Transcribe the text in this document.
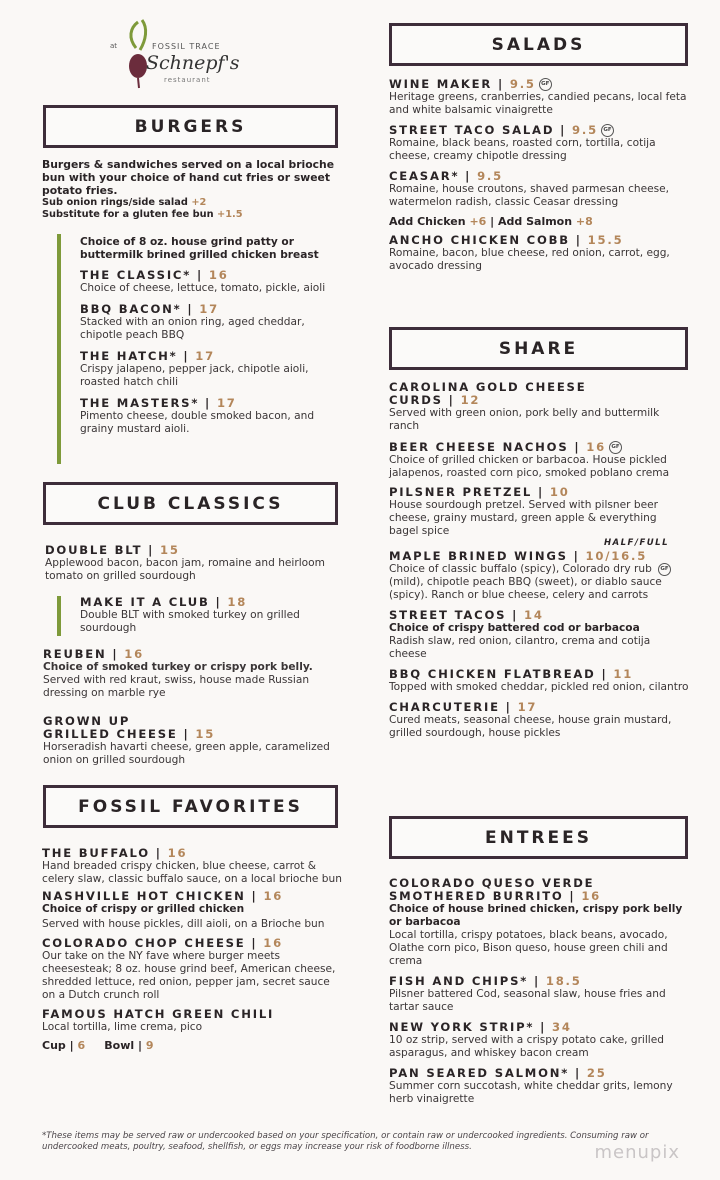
at	FOSSIL TRACE
Schnepf's
restaurant
BURGERS
Burgers & sandwiches served on a local brioche bun with your choice of hand cut fries or sweet potato fries.
Sub onion rings/side salad +2
Substitute for a gluten fee bun +1.5
Choice of 8 oz. house grind patty or buttermilk brined grilled chicken breast
THE CLASSIC* | 16
Choice of cheese, lettuce, tomato, pickle, aioli
BBQ BACON* | 17
Stacked with an onion ring, aged cheddar, chipotle peach BBQ
THE HATCH* | 17
Crispy jalapeno, pepper jack, chipotle aioli, roasted hatch chili
THE MASTERS* | 17
Pimento cheese, double smoked bacon, and grainy mustard aioli.
CLUB CLASSICS
DOUBLE BLT | 15
Applewood bacon, bacon jam, romaine and heirloom tomato on grilled sourdough
MAKE IT A CLUB | 18
Double BLT with smoked turkey on grilled sourdough
REUBEN | 16
Choice of smoked turkey or crispy pork belly. Served with red kraut, swiss, house made Russian dressing on marble rye
GROWN UP
GRILLED CHEESE | 15
Horseradish havarti cheese, green apple, caramelized onion on grilled sourdough
FOSSIL FAVORITES
THE BUFFALO | 16
Hand breaded crispy chicken, blue cheese, carrot & celery slaw, classic buffalo sauce, on a local brioche bun
NASHVILLE HOT CHICKEN | 16
Choice of crispy or grilled chicken
Served with house pickles, dill aioli, on a Brioche bun
COLORADO CHOP CHEESE | 16
Our take on the NY fave where burger meets cheesesteak; 8 oz. house grind beef, American cheese, shredded lettuce, red onion, pepper jam, secret sauce on a Dutch crunch roll
FAMOUS HATCH GREEN CHILI
Local tortilla, lime crema, pico
Cup | 6 Bowl | 9
SALADS
WINE MAKER | 9.5 GF
Heritage greens, cranberries, candied pecans, local feta and white balsamic vinaigrette
STREET TACO SALAD | 9.5 GF
Romaine, black beans, roasted corn, tortilla, cotija cheese, creamy chipotle dressing
CEASAR* | 9.5
Romaine, house croutons, shaved parmesan cheese, watermelon radish, classic Ceasar dressing
Add Chicken +6 | Add Salmon +8
ANCHO CHICKEN COBB | 15.5
Romaine, bacon, blue cheese, red onion, carrot, egg, avocado dressing
SHARE
CAROLINA GOLD CHEESE
CURDS | 12
Served with green onion, pork belly and buttermilk ranch
BEER CHEESE NACHOS | 16 GF
Choice of grilled chicken or barbacoa. House pickled jalapenos, roasted corn pico, smoked poblano crema
PILSNER PRETZEL | 10
House sourdough pretzel. Served with pilsner beer cheese, grainy mustard, green apple & everything bagel spice
HALF/FULL
MAPLE BRINED WINGS | 10/16.5
Choice of classic buffalo (spicy), Colorado dry rub (mild), chipotle peach BBQ (sweet), or diablo sauce (spicy). Ranch or blue cheese, celery and carrots
GF
STREET TACOS | 14
Choice of crispy battered cod or barbacoa
Radish slaw, red onion, cilantro, crema and cotija cheese
BBQ CHICKEN FLATBREAD | 11
Topped with smoked cheddar, pickled red onion, cilantro
CHARCUTERIE | 17
Cured meats, seasonal cheese, house grain mustard, grilled sourdough, house pickles
ENTREES
COLORADO QUESO VERDE
SMOTHERED BURRITO | 16
Choice of house brined chicken, crispy pork belly or barbacoa
Local tortilla, crispy potatoes, black beans, avocado, Olathe corn pico, Bison queso, house green chili and crema
FISH AND CHIPS* | 18.5
Pilsner battered Cod, seasonal slaw, house fries and tartar sauce
NEW YORK STRIP* | 34
10 oz strip, served with a crispy potato cake, grilled asparagus, and whiskey bacon cream
PAN SEARED SALMON* | 25
Summer corn succotash, white cheddar grits, lemony herb vinaigrette
*These items may be served raw or undercooked based on your specification, or contain raw or undercooked ingredients. Consuming raw or undercooked meats, poultry, seafood, shellfish, or eggs may increase your risk of foodborne illness.	menupix
